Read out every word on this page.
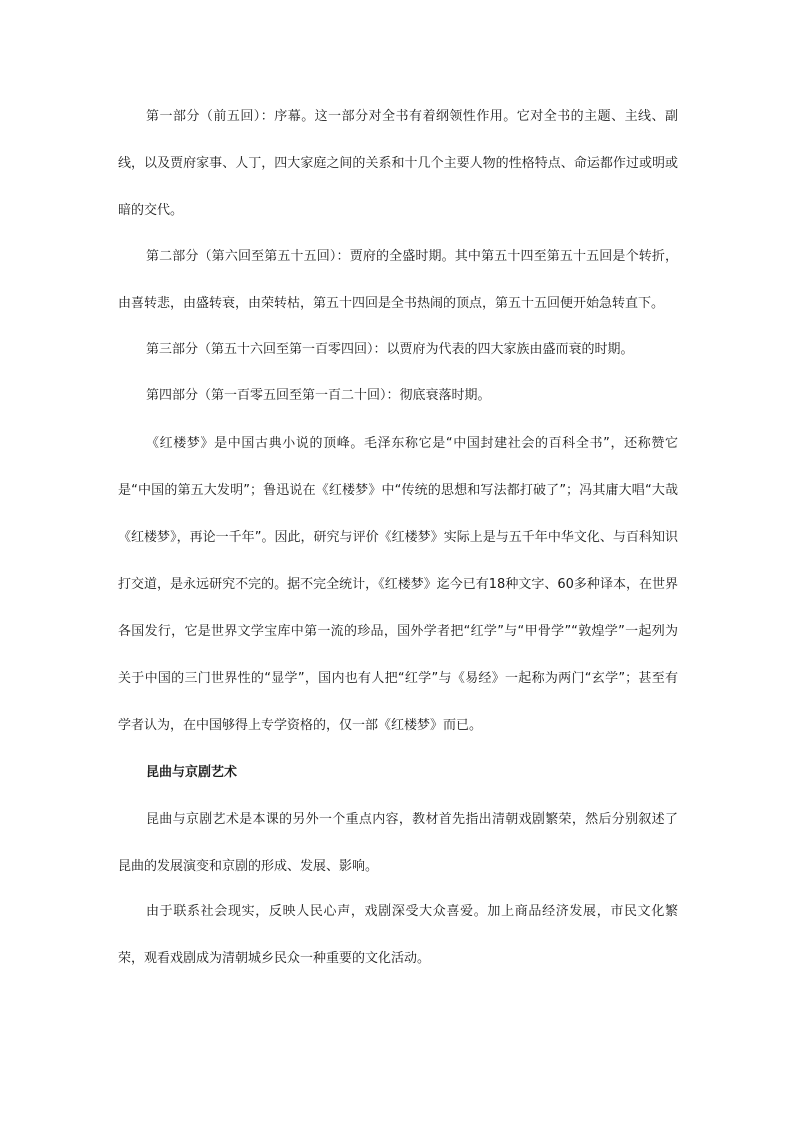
第一部分（前五回）：序幕。这一部分对全书有着纲领性作用。它对全书的主题、主线、副线，以及贾府家事、人丁，四大家庭之间的关系和十几个主要人物的性格特点、命运都作过或明或暗的交代。

第二部分（第六回至第五十五回）：贾府的全盛时期。其中第五十四至第五十五回是个转折，由喜转悲，由盛转衰，由荣转枯，第五十四回是全书热闹的顶点，第五十五回便开始急转直下。

第三部分（第五十六回至第一百零四回）：以贾府为代表的四大家族由盛而衰的时期。

第四部分（第一百零五回至第一百二十回）：彻底衰落时期。

《红楼梦》是中国古典小说的顶峰。毛泽东称它是“中国封建社会的百科全书”，还称赞它是“中国的第五大发明”；鲁迅说在《红楼梦》中“传统的思想和写法都打破了”；冯其庸大唱“大哉《红楼梦》，再论一千年”。因此，研究与评价《红楼梦》实际上是与五千年中华文化、与百科知识打交道，是永远研究不完的。据不完全统计，《红楼梦》迄今已有18种文字、60多种译本，在世界各国发行，它是世界文学宝库中第一流的珍品，国外学者把“红学”与“甲骨学”“敦煌学”一起列为关于中国的三门世界性的“显学”，国内也有人把“红学”与《易经》一起称为两门“玄学”；甚至有学者认为，在中国够得上专学资格的，仅一部《红楼梦》而已。

昆曲与京剧艺术

昆曲与京剧艺术是本课的另外一个重点内容，教材首先指出清朝戏剧繁荣，然后分别叙述了昆曲的发展演变和京剧的形成、发展、影响。

由于联系社会现实，反映人民心声，戏剧深受大众喜爱。加上商品经济发展，市民文化繁荣，观看戏剧成为清朝城乡民众一种重要的文化活动。
